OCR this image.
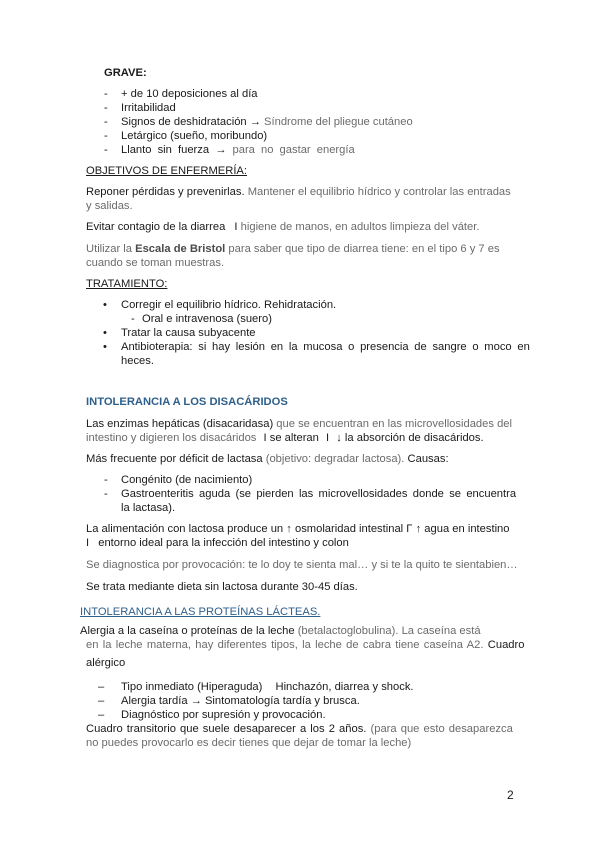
GRAVE:
- + de 10 deposiciones al día
- Irritabilidad
- Signos de deshidratación → Síndrome del pliegue cutáneo
- Letárgico (sueño, moribundo)
- Llanto sin fuerza → para no gastar energía
OBJETIVOS DE ENFERMERÍA:
Reponer pérdidas y prevenirlas. Mantener el equilibrio hídrico y controlar las entradas
y salidas.
Evitar contagio de la diarrea I higiene de manos, en adultos limpieza del váter.
Utilizar la Escala de Bristol para saber que tipo de diarrea tiene: en el tipo 6 y 7 es
cuando se toman muestras.
TRATAMIENTO:
• Corregir el equilibrio hídrico. Rehidratación.
- Oral e intravenosa (suero)
• Tratar la causa subyacente
• Antibioterapia: si hay lesión en la mucosa o presencia de sangre o moco en
heces.
INTOLERANCIA A LOS DISACÁRIDOS
Las enzimas hepáticas (disacaridasa) que se encuentran en las microvellosidades del
intestino y digieren los disacáridos I se alteran I ↓ la absorción de disacáridos.
Más frecuente por déficit de lactasa (objetivo: degradar lactosa). Causas:
- Congénito (de nacimiento)
- Gastroenteritis aguda (se pierden las microvellosidades donde se encuentra
la lactasa).
La alimentación con lactosa produce un ↑ osmolaridad intestinal Γ ↑ agua en intestino
I entorno ideal para la infección del intestino y colon
Se diagnostica por provocación: te lo doy te sienta mal… y si te la quito te sientabien…
Se trata mediante dieta sin lactosa durante 30-45 días.
INTOLERANCIA A LAS PROTEÍNAS LÁCTEAS.
Alergia a la caseína o proteínas de la leche (betalactoglobulina). La caseína está
en la leche materna, hay diferentes tipos, la leche de cabra tiene caseína A2. Cuadro
alérgico
– Tipo inmediato (Hiperaguda) Hinchazón, diarrea y shock.
– Alergia tardía → Sintomatología tardía y brusca.
– Diagnóstico por supresión y provocación.
Cuadro transitorio que suele desaparecer a los 2 años. (para que esto desaparezca
no puedes provocarlo es decir tienes que dejar de tomar la leche)
2
